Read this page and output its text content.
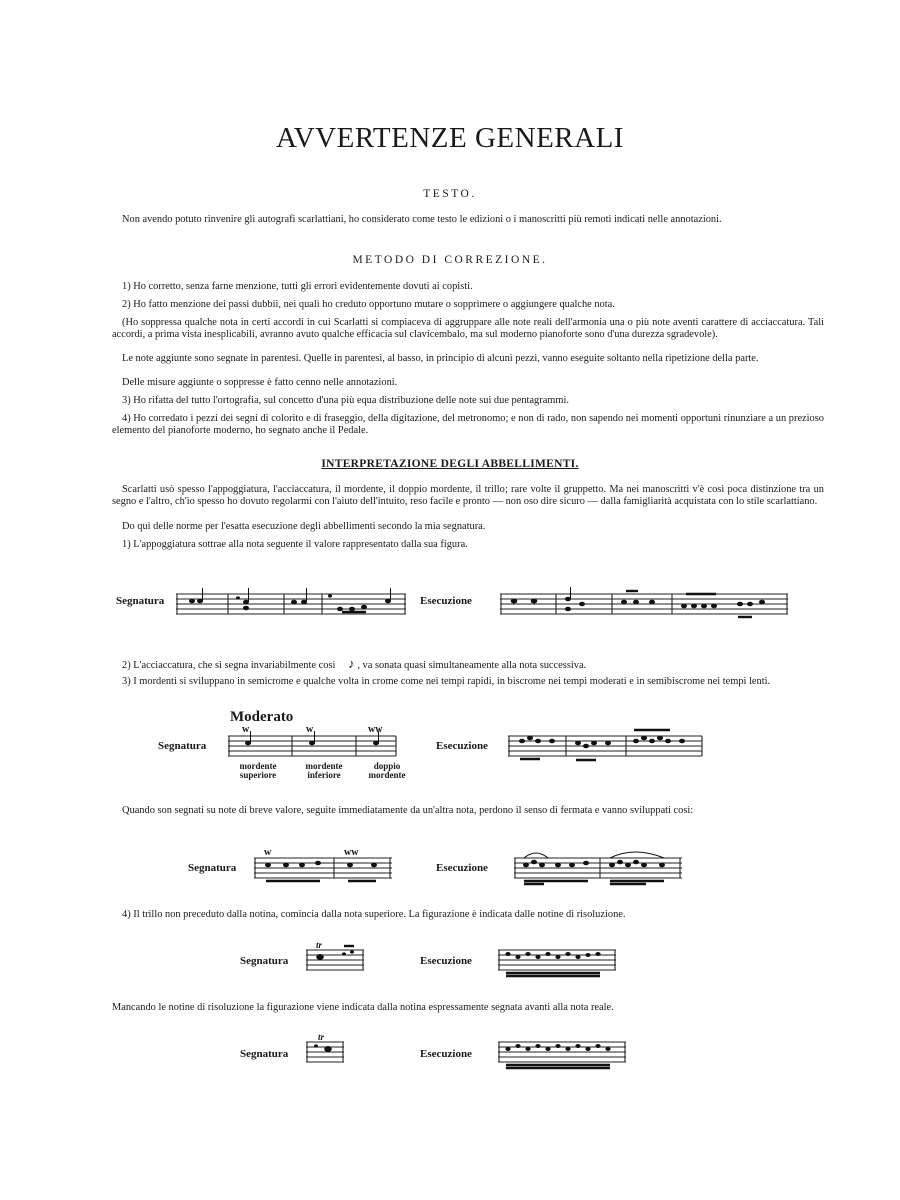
AVVERTENZE GENERALI
TESTO.

Non avendo potuto rinvenire gli autografi scarlattiani, ho considerato come testo le edizioni o i manoscritti più remoti indicati nelle annotazioni.

METODO DI CORREZIONE.

1) Ho corretto, senza farne menzione, tutti gli errori evidentemente dovuti ai copisti.

2) Ho fatto menzione dei passi dubbii, nei quali ho creduto opportuno mutare o sopprimere o aggiungere qualche nota.

(Ho soppressa qualche nota in certi accordi in cui Scarlatti si compiaceva di aggruppare alle note reali dell'armonia una o più note aventi carattere di acciaccatura. Tali accordi, a prima vista inesplicabili, avranno avuto qualche efficacia sul clavicembalo, ma sul moderno pianoforte sono d'una durezza sgradevole).

Le note aggiunte sono segnate in parentesi. Quelle in parentesi, al basso, in principio di alcuni pezzi, vanno eseguite soltanto nella ripetizione della parte.

Delle misure aggiunte o soppresse è fatto cenno nelle annotazioni.

3) Ho rifatta del tutto l'ortografia, sul concetto d'una più equa distribuzione delle note sui due pentagrammi.

4) Ho corredato i pezzi dei segni di colorito e di fraseggio, della digitazione, del metronomo; e non di rado, non sapendo nei momenti opportuni rinunziare a un prezioso elemento del pianoforte moderno, ho segnato anche il Pedale.

INTERPRETAZIONE DEGLI ABBELLIMENTI.

Scarlatti usò spesso l'appoggiatura, l'acciaccatura, il mordente, il doppio mordente, il trillo; rare volte il gruppetto. Ma nei manoscritti v'è così poca distinzione tra un segno e l'altro, ch'io spesso ho dovuto regolarmi con l'aiuto dell'intuito, reso facile e pronto — non oso dire sicuro — dalla famigliarità acquistata con lo stile scarlattiano.

Do qui delle norme per l'esatta esecuzione degli abbellimenti secondo la mia segnatura.

1) L'appoggiatura sottrae alla nota seguente il valore rappresentato dalla sua figura.

Segnatura	Esecuzione

2) L'acciaccatura, che si segna invariabilmente così ♪ , va sonata quasi simultaneamente alla nota successiva.

3) I mordenti si sviluppano in semicrome e qualche volta in crome come nei tempi rapidi, in biscrome nei tempi moderati e in semibiscrome nei tempi lenti.

Moderato
Segnatura
w	w	ww
mordente superiore
mordente inferiore
doppio mordente
Esecuzione

Quando son segnati su note di breve valore, seguite immediatamente da un'altra nota, perdono il senso di fermata e vanno sviluppati così:

Segnatura
w	ww
Esecuzione

4) Il trillo non preceduto dalla notina, comincia dalla nota superiore. La figurazione è indicata dalle notine di risoluzione.

Segnatura
tr
Esecuzione

Mancando le notine di risoluzione la figurazione viene indicata dalla notina espressamente segnata avanti alla nota reale.

Segnatura
tr
Esecuzione
